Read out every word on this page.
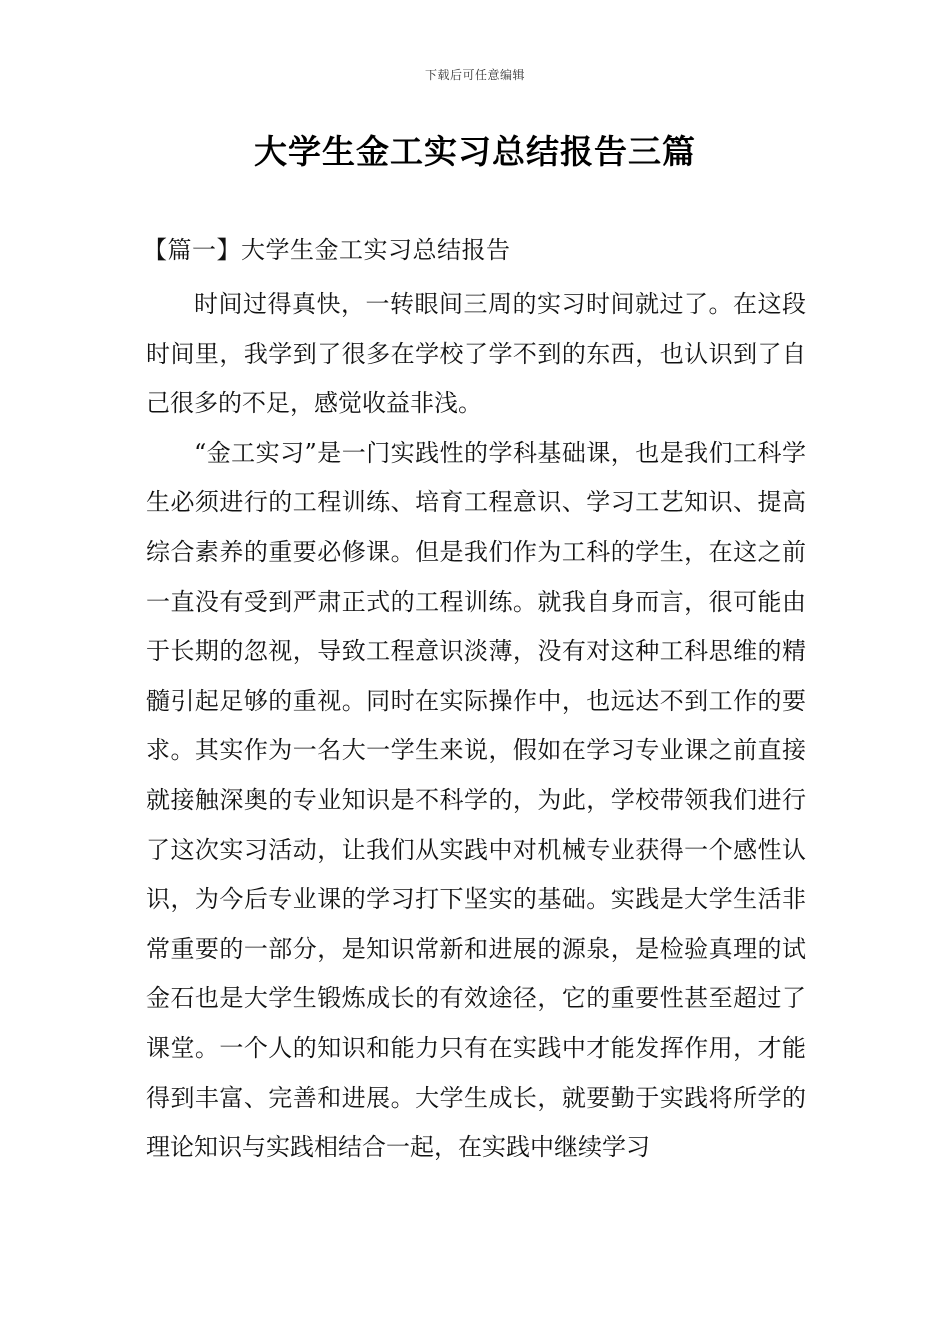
下载后可任意编辑
大学生金工实习总结报告三篇
【篇一】大学生金工实习总结报告

时间过得真快，一转眼间三周的实习时间就过了。在这段时间里，我学到了很多在学校了学不到的东西，也认识到了自己很多的不足，感觉收益非浅。

“金工实习”是一门实践性的学科基础课，也是我们工科学生必须进行的工程训练、培育工程意识、学习工艺知识、提高综合素养的重要必修课。但是我们作为工科的学生，在这之前一直没有受到严肃正式的工程训练。就我自身而言，很可能由于长期的忽视，导致工程意识淡薄，没有对这种工科思维的精髓引起足够的重视。同时在实际操作中，也远达不到工作的要求。其实作为一名大一学生来说，假如在学习专业课之前直接就接触深奥的专业知识是不科学的，为此，学校带领我们进行了这次实习活动，让我们从实践中对机械专业获得一个感性认识，为今后专业课的学习打下坚实的基础。实践是大学生活非常重要的一部分，是知识常新和进展的源泉，是检验真理的试金石也是大学生锻炼成长的有效途径，它的重要性甚至超过了课堂。一个人的知识和能力只有在实践中才能发挥作用，才能得到丰富、完善和进展。大学生成长，就要勤于实践将所学的理论知识与实践相结合一起，在实践中继续学习
